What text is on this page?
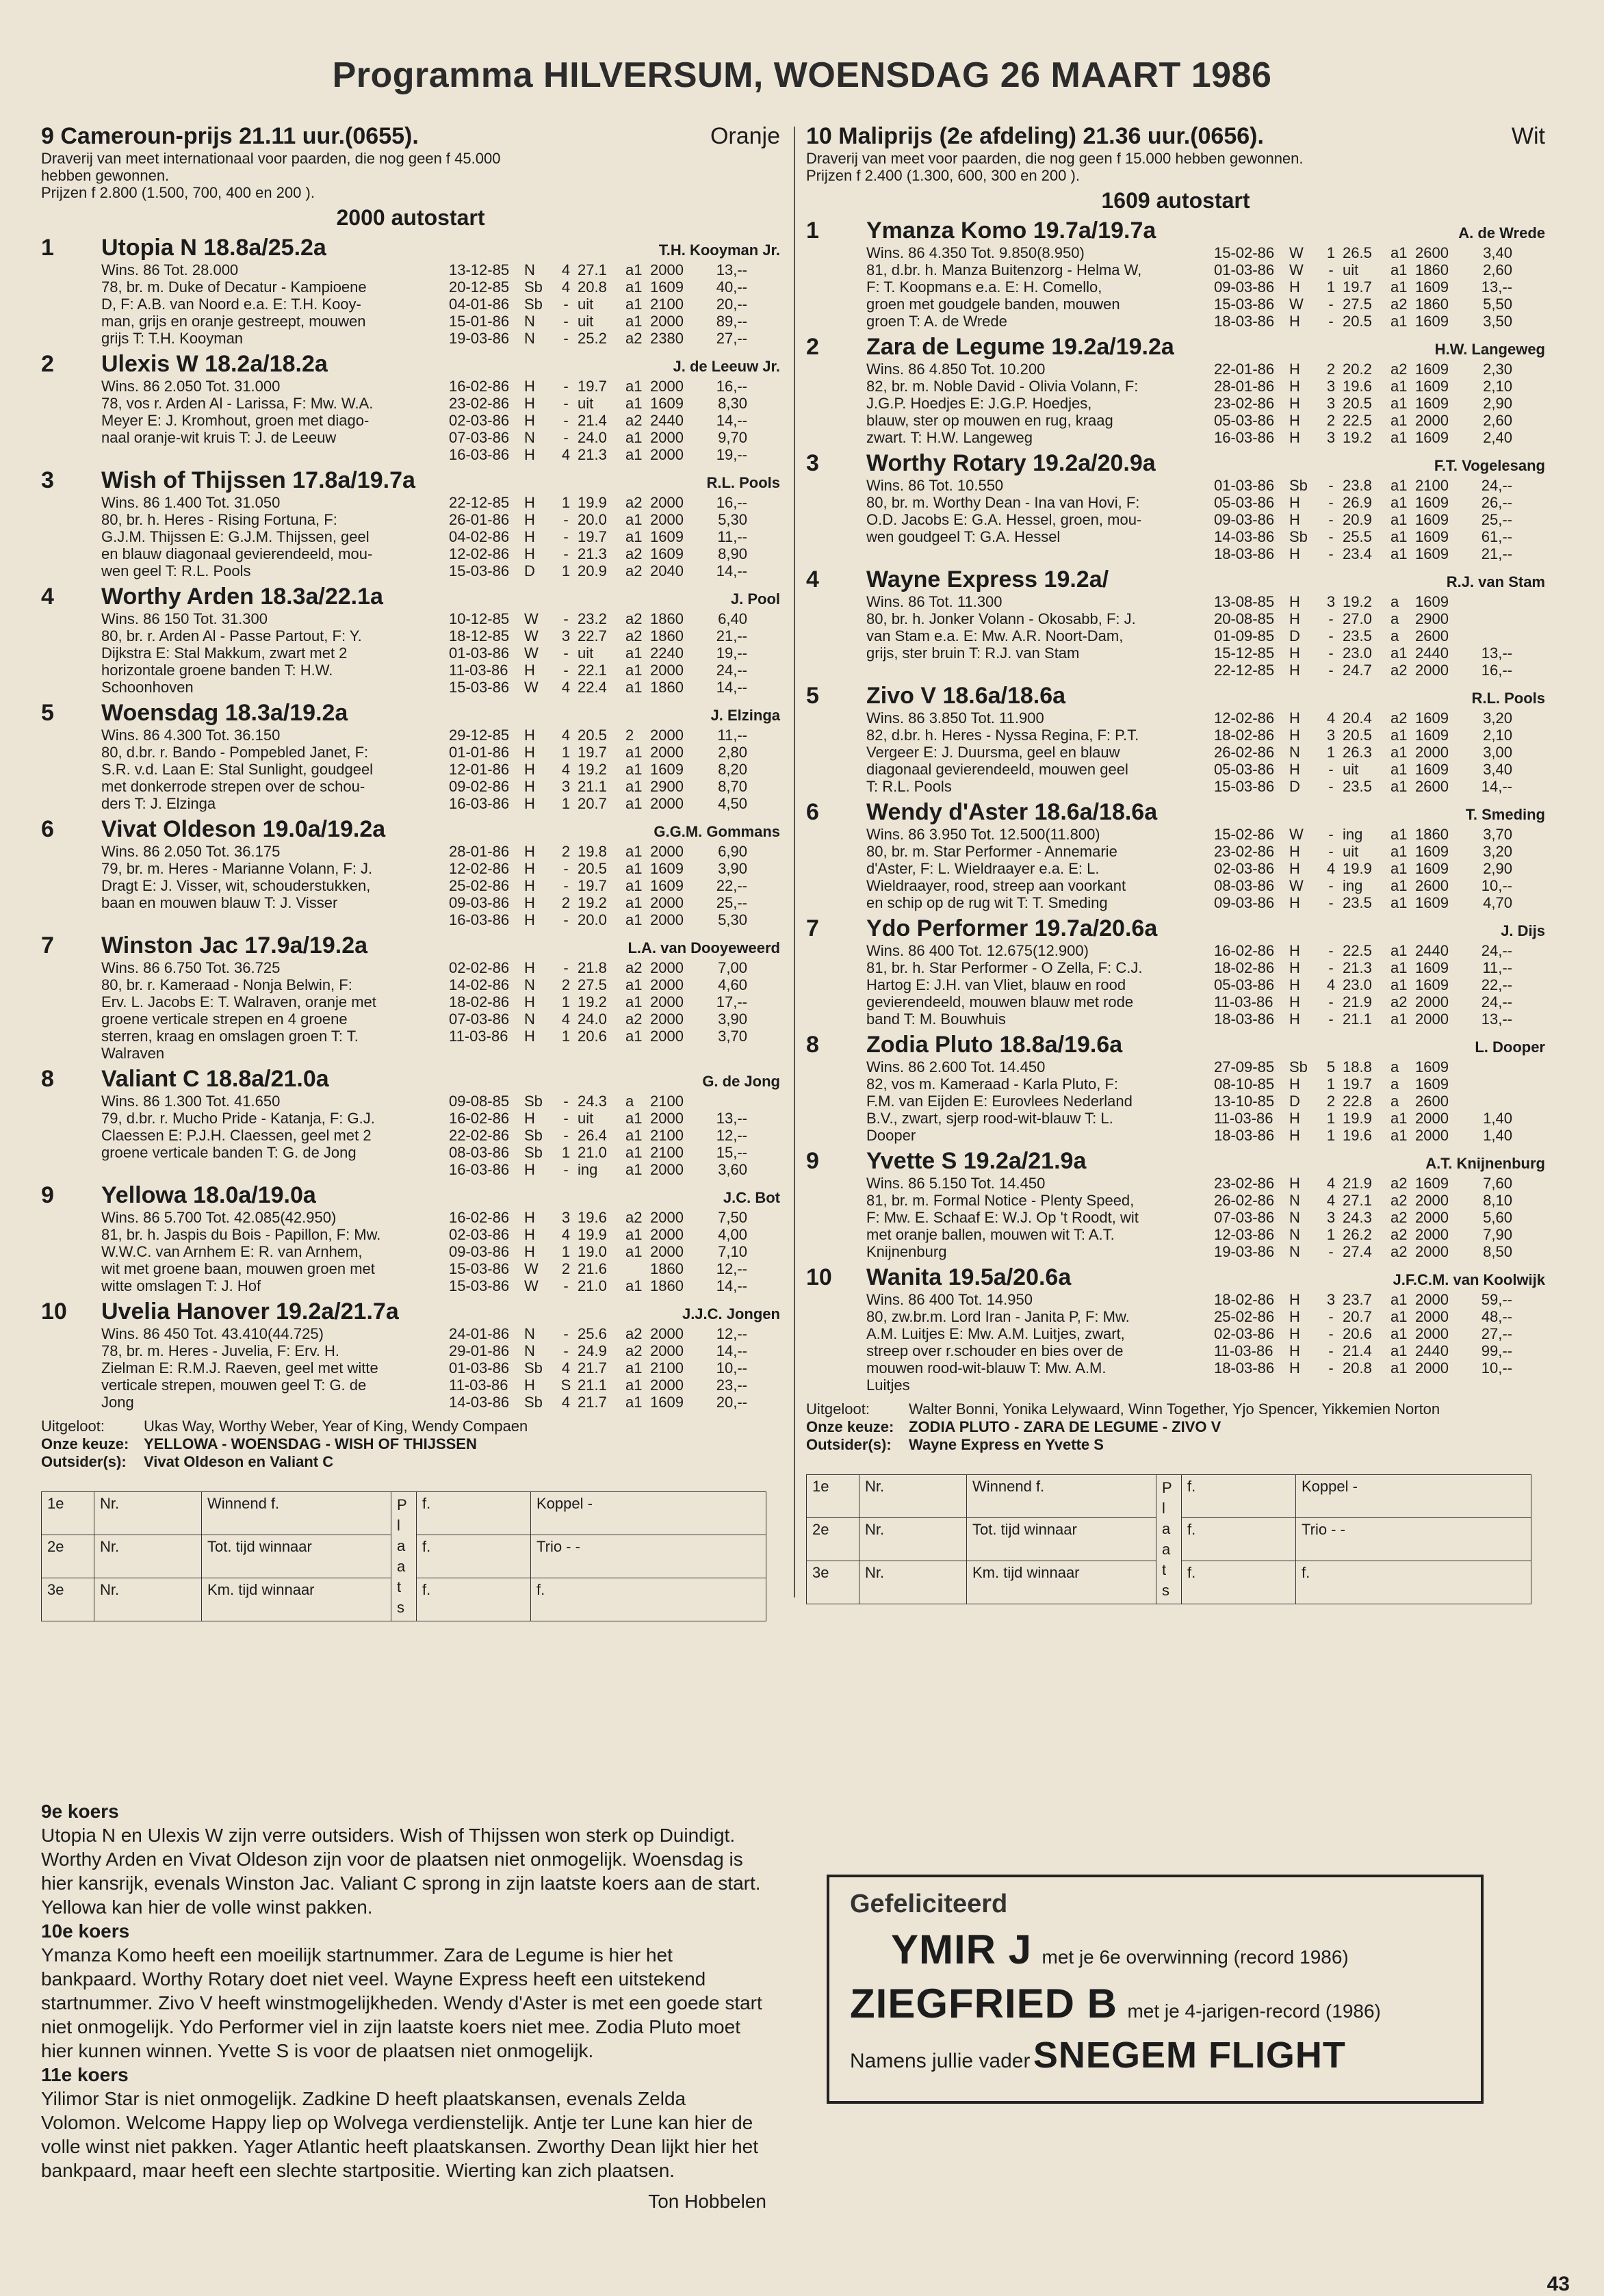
Programma HILVERSUM, WOENSDAG 26 MAART 1986
9 Cameroun-prijs 21.11 uur.(0655).	Oranje
Draverij van meet internationaal voor paarden, die nog geen f 45.000
hebben gewonnen.
Prijzen f 2.800 (1.500, 700, 400 en 200 ).
2000 autostart
1	Utopia N 18.8a/25.2a	T.H. Kooyman Jr.
Wins. 86 Tot. 28.000
78, br. m. Duke of Decatur - Kampioene
D, F: A.B. van Noord e.a. E: T.H. Kooy-
man, grijs en oranje gestreept, mouwen
grijs T: T.H. Kooyman
13-12-85 N	4 27.1	a1 2000	13,--
20-12-85 Sb	4 20.8	a1 1609	40,--
04-01-86 Sb	- uit	a1 2100	20,--
15-01-86 N	- uit	a1 2000	89,--
19-03-86 N	- 25.2	a2 2380	27,--
2	Ulexis W 18.2a/18.2a	J. de Leeuw Jr.
Wins. 86 2.050 Tot. 31.000
78, vos r. Arden Al - Larissa, F: Mw. W.A.
Meyer E: J. Kromhout, groen met diago-
naal oranje-wit kruis T: J. de Leeuw
16-02-86 H	- 19.7	a1 2000	16,--
23-02-86 H	- uit	a1 1609	8,30
02-03-86 H	- 21.4	a2 2440	14,--
07-03-86 N	- 24.0	a1 2000	9,70
16-03-86 H	4 21.3	a1 2000	19,--
3	Wish of Thijssen 17.8a/19.7a	R.L. Pools
Wins. 86 1.400 Tot. 31.050
80, br. h. Heres - Rising Fortuna, F:
G.J.M. Thijssen E: G.J.M. Thijssen, geel
en blauw diagonaal gevierendeeld, mou-
wen geel T: R.L. Pools
22-12-85 H	1 19.9	a2 2000	16,--
26-01-86 H	- 20.0	a1 2000	5,30
04-02-86 H	- 19.7	a1 1609	11,--
12-02-86 H	- 21.3	a2 1609	8,90
15-03-86 D	1 20.9	a2 2040	14,--
4	Worthy Arden 18.3a/22.1a	J. Pool
Wins. 86 150 Tot. 31.300
80, br. r. Arden Al - Passe Partout, F: Y.
Dijkstra E: Stal Makkum, zwart met 2
horizontale groene banden T: H.W.
Schoonhoven
10-12-85 W	- 23.2	a2 1860	6,40
18-12-85 W	3 22.7	a2 1860	21,--
01-03-86 W	- uit	a1 2240	19,--
11-03-86	H	- 22.1	a1 2000	24,--
15-03-86 W	4 22.4	a1 1860	14,--
5	Woensdag 18.3a/19.2a	J. Elzinga
Wins. 86 4.300 Tot. 36.150
80, d.br. r. Bando - Pompebled Janet, F:
S.R. v.d. Laan E: Stal Sunlight, goudgeel
met donkerrode strepen over de schou-
ders T: J. Elzinga
29-12-85 H	4 20.5	2	2000	11,--
01-01-86 H	1 19.7	a1 2000	2,80
12-01-86 H	4 19.2	a1 1609	8,20
09-02-86 H	3 21.1	a1 2900	8,70
16-03-86 H	1 20.7	a1 2000	4,50
6	Vivat Oldeson 19.0a/19.2a	G.G.M. Gommans
Wins. 86 2.050 Tot. 36.175
79, br. m. Heres - Marianne Volann, F: J.
Dragt E: J. Visser, wit, schouderstukken,
baan en mouwen blauw T: J. Visser
28-01-86 H	2 19.8	a1 2000	6,90
12-02-86 H	- 20.5	a1 1609	3,90
25-02-86 H	- 19.7	a1 1609	22,--
09-03-86 H	2 19.2	a1 2000	25,--
16-03-86 H	- 20.0	a1 2000	5,30
7	Winston Jac 17.9a/19.2a	L.A. van Dooyeweerd
Wins. 86 6.750 Tot. 36.725
80, br. r. Kameraad - Nonja Belwin, F:
Erv. L. Jacobs E: T. Walraven, oranje met
groene verticale strepen en 4 groene
sterren, kraag en omslagen groen T: T.
Walraven
02-02-86 H	- 21.8	a2 2000	7,00
14-02-86 N	2 27.5	a1 2000	4,60
18-02-86 H	1 19.2	a1 2000	17,--
07-03-86 N	4 24.0	a2 2000	3,90
11-03-86	H	1 20.6	a1 2000	3,70
8	Valiant C 18.8a/21.0a	G. de Jong
Wins. 86 1.300 Tot. 41.650
79, d.br. r. Mucho Pride - Katanja, F: G.J.
Claessen E: P.J.H. Claessen, geel met 2
groene verticale banden T: G. de Jong
09-08-85 Sb	- 24.3	a	2100
16-02-86 H	- uit	a1 2000	13,--
22-02-86 Sb	- 26.4	a1 2100	12,--
08-03-86 Sb	1 21.0	a1 2100	15,--
16-03-86 H	- ing	a1 2000	3,60
9	Yellowa 18.0a/19.0a	J.C. Bot
Wins. 86 5.700 Tot. 42.085(42.950)
81, br. h. Jaspis du Bois - Papillon, F: Mw.
W.W.C. van Arnhem E: R. van Arnhem,
wit met groene baan, mouwen groen met
witte omslagen T: J. Hof
16-02-86 H	3 19.6	a2 2000	7,50
02-03-86 H	4 19.9	a1 2000	4,00
09-03-86 H	1 19.0	a1 2000	7,10
15-03-86 W	2 21.6	1860	12,--
15-03-86 W	- 21.0	a1 1860	14,--
10	Uvelia Hanover 19.2a/21.7a	J.J.C. Jongen
Wins. 86 450 Tot. 43.410(44.725)
78, br. m. Heres - Juvelia, F: Erv. H.
Zielman E: R.M.J. Raeven, geel met witte
verticale strepen, mouwen geel T: G. de
Jong
24-01-86 N	- 25.6	a2 2000	12,--
29-01-86 N	- 24.9	a2 2000	14,--
01-03-86 Sb	4 21.7	a1 2100	10,--
11-03-86	H	S 21.1	a1 2000	23,--
14-03-86 Sb	4 21.7	a1 1609	20,--
Uitgeloot:	Ukas Way, Worthy Weber, Year of King, Wendy Compaen
Onze keuze: YELLOWA - WOENSDAG - WISH OF THIJSSEN
Outsider(s): Vivat Oldeson en Valiant C
1e	Nr.	Winnend f.	P l a a t s	f.	Koppel -
2e	Nr.	Tot. tijd winnaar		f.	Trio - -
3e	Nr.	Km. tijd winnaar		f.	f.
10 Maliprijs (2e afdeling) 21.36 uur.(0656).	Wit
Draverij van meet voor paarden, die nog geen f 15.000 hebben gewonnen.
Prijzen f 2.400 (1.300, 600, 300 en 200 ).
1609 autostart
1	Ymanza Komo 19.7a/19.7a	A. de Wrede
Wins. 86 4.350 Tot. 9.850(8.950)
81, d.br. h. Manza Buitenzorg - Helma W,
F: T. Koopmans e.a. E: H. Comello,
groen met goudgele banden, mouwen
groen T: A. de Wrede
15-02-86 W	1 26.5	a1 2600	3,40
01-03-86 W	- uit	a1 1860	2,60
09-03-86 H	1 19.7	a1 1609	13,--
15-03-86 W	- 27.5	a2 1860	5,50
18-03-86 H	- 20.5	a1 1609	3,50
2	Zara de Legume 19.2a/19.2a	H.W. Langeweg
Wins. 86 4.850 Tot. 10.200
82, br. m. Noble David - Olivia Volann, F:
J.G.P. Hoedjes E: J.G.P. Hoedjes,
blauw, ster op mouwen en rug, kraag
zwart. T: H.W. Langeweg
22-01-86 H	2 20.2	a2 1609	2,30
28-01-86 H	3 19.6	a1 1609	2,10
23-02-86 H	3 20.5	a1 1609	2,90
05-03-86 H	2 22.5	a1 2000	2,60
16-03-86 H	3 19.2	a1 1609	2,40
3	Worthy Rotary 19.2a/20.9a	F.T. Vogelesang
Wins. 86 Tot. 10.550
80, br. m. Worthy Dean - Ina van Hovi, F:
O.D. Jacobs E: G.A. Hessel, groen, mou-
wen goudgeel T: G.A. Hessel
01-03-86 Sb	- 23.8	a1 2100	24,--
05-03-86 H	- 26.9	a1 1609	26,--
09-03-86 H	- 20.9	a1 1609	25,--
14-03-86 Sb	- 25.5	a1 1609	61,--
18-03-86 H	- 23.4	a1 1609	21,--
4	Wayne Express 19.2a/	R.J. van Stam
Wins. 86 Tot. 11.300
80, br. h. Jonker Volann - Okosabb, F: J.
van Stam e.a. E: Mw. A.R. Noort-Dam,
grijs, ster bruin T: R.J. van Stam
13-08-85 H	3 19.2	a	1609
20-08-85 H	- 27.0	a	2900
01-09-85 D	- 23.5	a	2600
15-12-85 H	- 23.0	a1 2440	13,--
22-12-85 H	- 24.7	a2 2000	16,--
5	Zivo V 18.6a/18.6a	R.L. Pools
Wins. 86 3.850 Tot. 11.900
82, d.br. h. Heres - Nyssa Regina, F: P.T.
Vergeer E: J. Duursma, geel en blauw
diagonaal gevierendeeld, mouwen geel
T: R.L. Pools
12-02-86 H	4 20.4	a2 1609	3,20
18-02-86 H	3 20.5	a1 1609	2,10
26-02-86 N	1 26.3	a1 2000	3,00
05-03-86 H	- uit	a1 1609	3,40
15-03-86 D	- 23.5	a1 2600	14,--
6	Wendy d'Aster 18.6a/18.6a	T. Smeding
Wins. 86 3.950 Tot. 12.500(11.800)
80, br. m. Star Performer - Annemarie
d'Aster, F: L. Wieldraayer e.a. E: L.
Wieldraayer, rood, streep aan voorkant
en schip op de rug wit T: T. Smeding
15-02-86 W	- ing	a1 1860	3,70
23-02-86 H	- uit	a1 1609	3,20
02-03-86 H	4 19.9	a1 1609	2,90
08-03-86 W	- ing	a1 2600	10,--
09-03-86 H	- 23.5	a1 1609	4,70
7	Ydo Performer 19.7a/20.6a	J. Dijs
Wins. 86 400 Tot. 12.675(12.900)
81, br. h. Star Performer - O Zella, F: C.J.
Hartog E: J.H. van Vliet, blauw en rood
gevierendeeld, mouwen blauw met rode
band T: M. Bouwhuis
16-02-86 H	- 22.5	a1 2440	24,--
18-02-86 H	- 21.3	a1 1609	11,--
05-03-86 H	4 23.0	a1 1609	22,--
11-03-86	H	- 21.9	a2 2000	24,--
18-03-86 H	- 21.1	a1 2000	13,--
8	Zodia Pluto 18.8a/19.6a	L. Dooper
Wins. 86 2.600 Tot. 14.450
82, vos m. Kameraad - Karla Pluto, F:
F.M. van Eijden E: Eurovlees Nederland
B.V., zwart, sjerp rood-wit-blauw T: L.
Dooper
27-09-85 Sb	5 18.8	a	1609
08-10-85 H	1 19.7	a	1609
13-10-85 D	2 22.8	a	2600
11-03-86	H	1 19.9	a1 2000	1,40
18-03-86 H	1 19.6	a1 2000	1,40
9	Yvette S 19.2a/21.9a	A.T. Knijnenburg
Wins. 86 5.150 Tot. 14.450
81, br. m. Formal Notice - Plenty Speed,
F: Mw. E. Schaaf E: W.J. Op 't Roodt, wit
met oranje ballen, mouwen wit T: A.T.
Knijnenburg
23-02-86 H	4 21.9	a2 1609	7,60
26-02-86 N	4 27.1	a2 2000	8,10
07-03-86 N	3 24.3	a2 2000	5,60
12-03-86 N	1 26.2	a2 2000	7,90
19-03-86 N	- 27.4	a2 2000	8,50
10	Wanita 19.5a/20.6a	J.F.C.M. van Koolwijk
Wins. 86 400 Tot. 14.950
80, zw.br.m. Lord Iran - Janita P, F: Mw.
A.M. Luitjes E: Mw. A.M. Luitjes, zwart,
streep over r.schouder en bies over de
mouwen rood-wit-blauw T: Mw. A.M.
Luitjes
18-02-86 H	3 23.7	a1 2000	59,--
25-02-86 H	- 20.7	a1 2000	48,--
02-03-86 H	- 20.6	a1 2000	27,--
11-03-86	H	- 21.4	a1 2440	99,--
18-03-86 H	- 20.8	a1 2000	10,--
Uitgeloot:	Walter Bonni, Yonika Lelywaard, Winn Together, Yjo Spencer, Yikkemien Norton
Onze keuze: ZODIA PLUTO - ZARA DE LEGUME - ZIVO V
Outsider(s): Wayne Express en Yvette S
1e	Nr.	Winnend f.	P l a a t s	f.	Koppel -
2e	Nr.	Tot. tijd winnaar		f.	Trio - -
3e	Nr.	Km. tijd winnaar		f.	f.
9e koers

Utopia N en Ulexis W zijn verre outsiders. Wish of Thijssen won sterk op Duindigt. Worthy Arden en Vivat Oldeson zijn voor de plaatsen niet onmogelijk. Woensdag is hier kansrijk, evenals Winston Jac. Valiant C sprong in zijn laatste koers aan de start. Yellowa kan hier de volle winst pakken.

10e koers

Ymanza Komo heeft een moeilijk startnummer. Zara de Legume is hier het bankpaard. Worthy Rotary doet niet veel. Wayne Express heeft een uitstekend startnummer. Zivo V heeft winstmogelijkheden. Wendy d'Aster is met een goede start niet onmogelijk. Ydo Performer viel in zijn laatste koers niet mee. Zodia Pluto moet hier kunnen winnen. Yvette S is voor de plaatsen niet onmogelijk.

11e koers

Yilimor Star is niet onmogelijk. Zadkine D heeft plaatskansen, evenals Zelda Volomon. Welcome Happy liep op Wolvega verdienstelijk. Antje ter Lune kan hier de volle winst niet pakken. Yager Atlantic heeft plaatskansen. Zworthy Dean lijkt hier het bankpaard, maar heeft een slechte startpositie. Wierting kan zich plaatsen.

Ton Hobbelen
Gefeliciteerd
YMIR J met je 6e overwinning (record 1986)
ZIEGFRIED B met je 4-jarigen-record (1986)
Namens jullie vader SNEGEM FLIGHT
43
